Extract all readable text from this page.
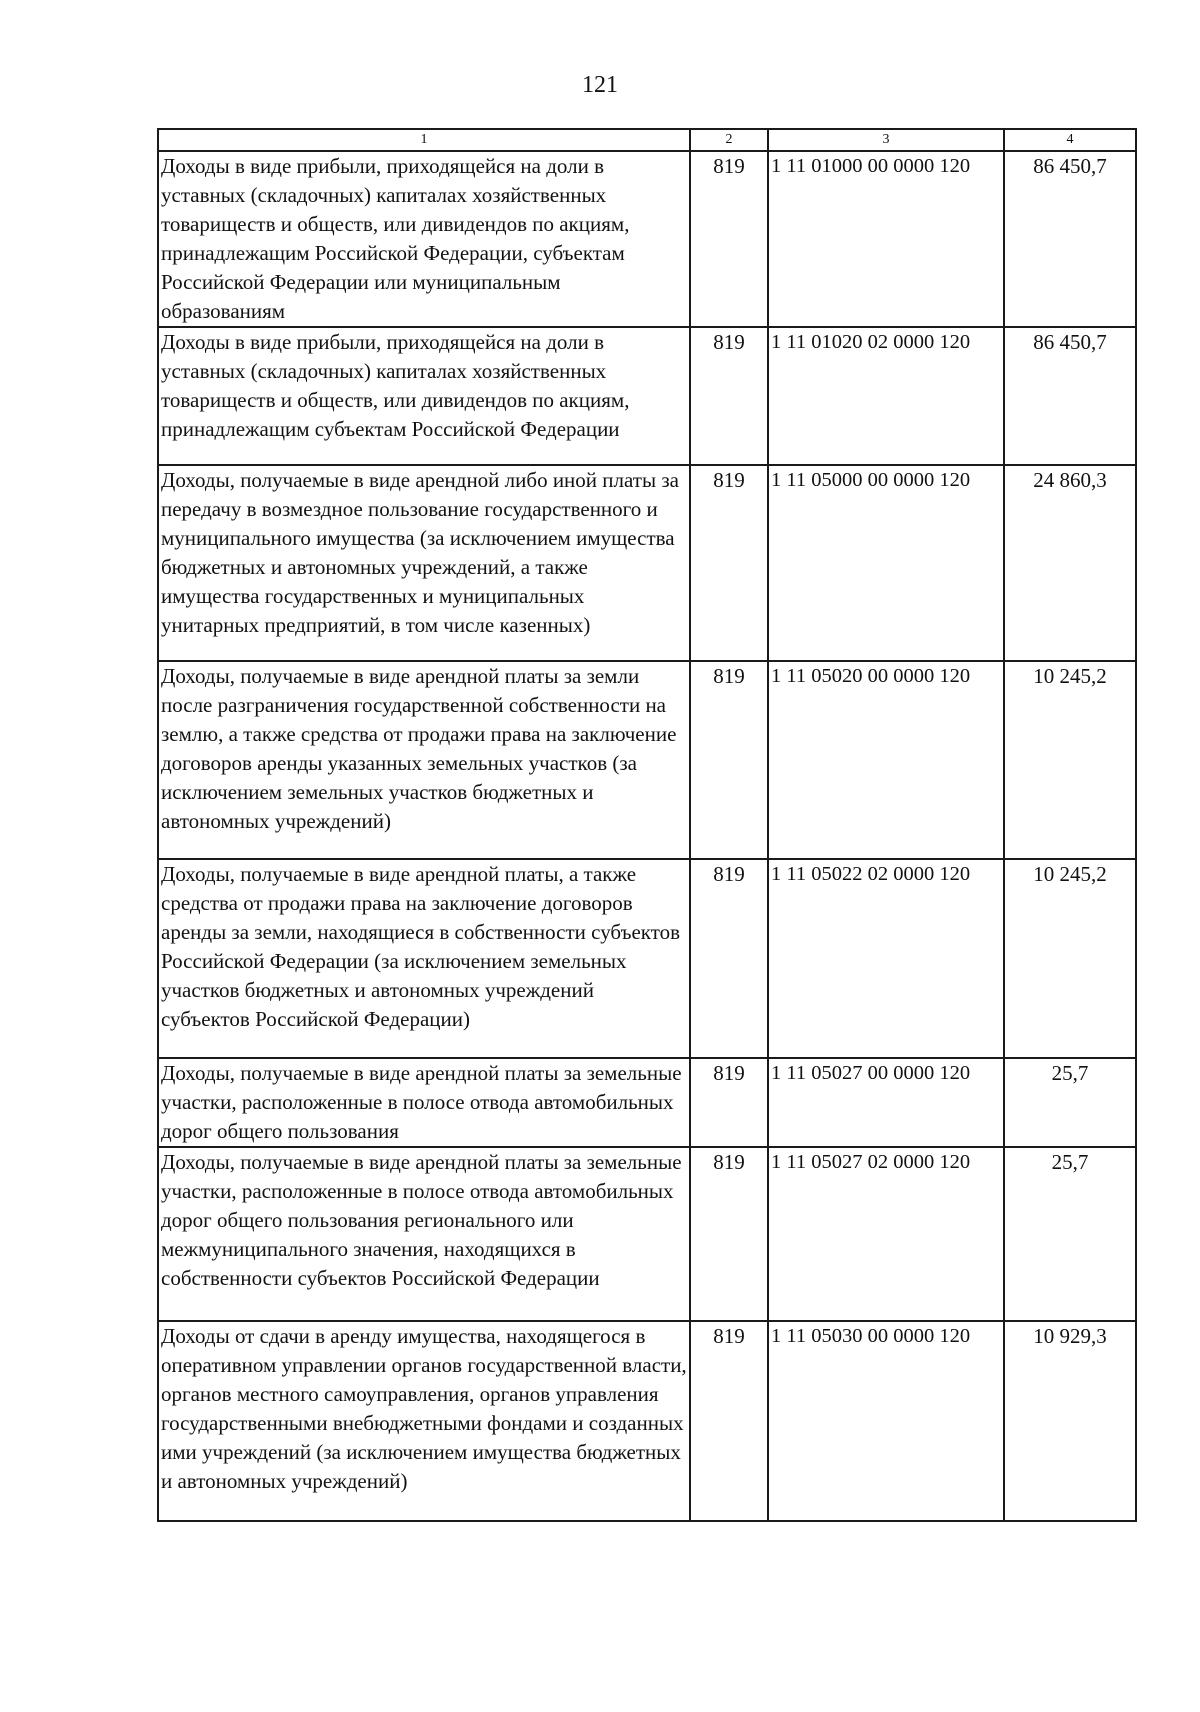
121
1	2	3	4
Доходы в виде прибыли, приходящейся на доли в уставных (складочных) капиталах хозяйственных товариществ и обществ, или дивидендов по акциям, принадлежащим Российской Федерации, субъектам Российской Федерации или муниципальным образованиям	819	1 11 01000 00 0000 120	86 450,7
Доходы в виде прибыли, приходящейся на доли в уставных (складочных) капиталах хозяйственных товариществ и обществ, или дивидендов по акциям, принадлежащим субъектам Российской Федерации	819	1 11 01020 02 0000 120	86 450,7
Доходы, получаемые в виде арендной либо иной платы за передачу в возмездное пользование государственного и муниципального имущества (за исключением имущества бюджетных и автономных учреждений, а также имущества государственных и муниципальных унитарных предприятий, в том числе казенных)	819	1 11 05000 00 0000 120	24 860,3
Доходы, получаемые в виде арендной платы за земли после разграничения государственной собственности на землю, а также средства от продажи права на заключение договоров аренды указанных земельных участков (за исключением земельных участков бюджетных и автономных учреждений)	819	1 11 05020 00 0000 120	10 245,2
Доходы, получаемые в виде арендной платы, а также средства от продажи права на заключение договоров аренды за земли, находящиеся в собственности субъектов Российской Федерации (за исключением земельных участков бюджетных и автономных учреждений субъектов Российской Федерации)	819	1 11 05022 02 0000 120	10 245,2
Доходы, получаемые в виде арендной платы за земельные участки, расположенные в полосе отвода автомобильных дорог общего пользования	819	1 11 05027 00 0000 120	25,7
Доходы, получаемые в виде арендной платы за земельные участки, расположенные в полосе отвода автомобильных дорог общего пользования регионального или межмуниципального значения, находящихся в собственности субъектов Российской Федерации	819	1 11 05027 02 0000 120	25,7
Доходы от сдачи в аренду имущества, находящегося в оперативном управлении органов государственной власти, органов местного самоуправления, органов управления государственными внебюджетными фондами и созданных ими учреждений (за исключением имущества бюджетных и автономных учреждений)	819	1 11 05030 00 0000 120	10 929,3
